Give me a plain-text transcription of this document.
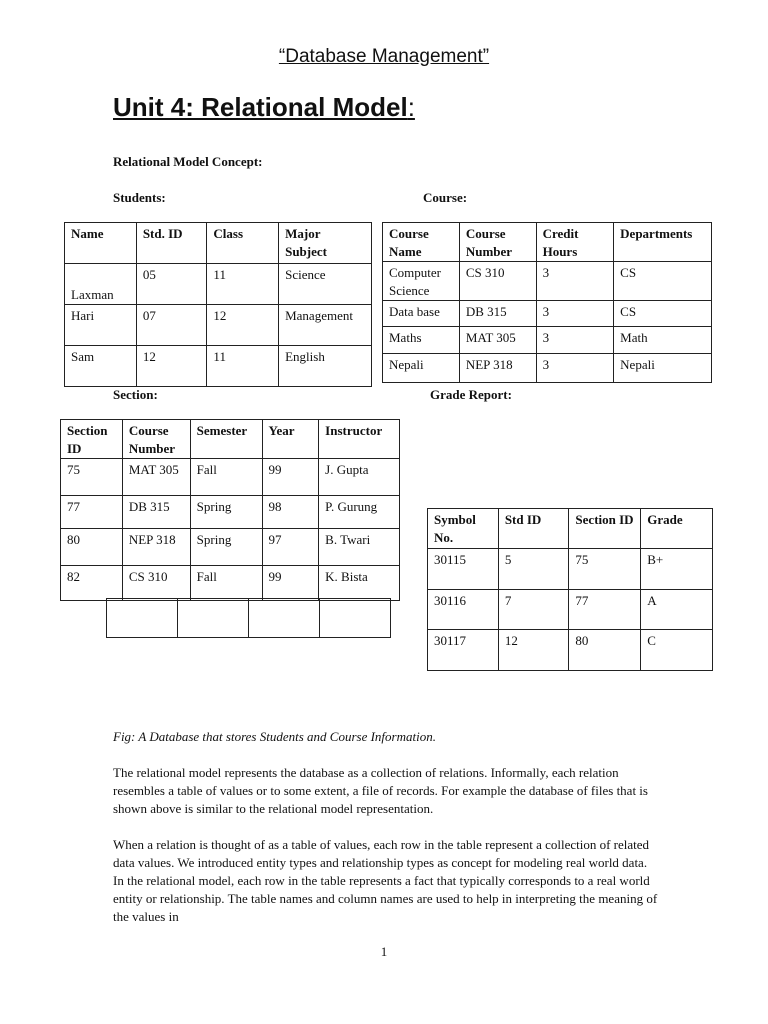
“Database Management”
Unit 4: Relational Model:
Relational Model Concept:
Students:	Course:
Name	Std. ID	Class	Major Subject
Laxman	05	11	Science
Hari	07	12	Management
Sam	12	11	English
Course Name	Course Number	Credit Hours	Departments
Computer Science	CS 310	3	CS
Data base	DB 315	3	CS
Maths	MAT 305	3	Math
Nepali	NEP 318	3	Nepali
Section:	Grade Report:
Section ID	Course Number	Semester	Year	Instructor
75	MAT 305	Fall	99	J. Gupta
77	DB 315	Spring	98	P. Gurung
80	NEP 318	Spring	97	B. Twari
82	CS 310	Fall	99	K. Bista

Symbol No.	Std ID	Section ID	Grade
30115	5	75	B+
30116	7	77	A
30117	12	80	C
Fig: A Database that stores Students and Course Information.
The relational model represents the database as a collection of relations. Informally, each relation resembles a table of values or to some extent, a file of records. For example the database of files that is shown above is similar to the relational model representation.
When a relation is thought of as a table of values, each row in the table represent a collection of related data values. We introduced entity types and relationship types as concept for modeling real world data. In the relational model, each row in the table represents a fact that typically corresponds to a real world entity or relationship. The table names and column names are used to help in interpreting the meaning of the values in
1
